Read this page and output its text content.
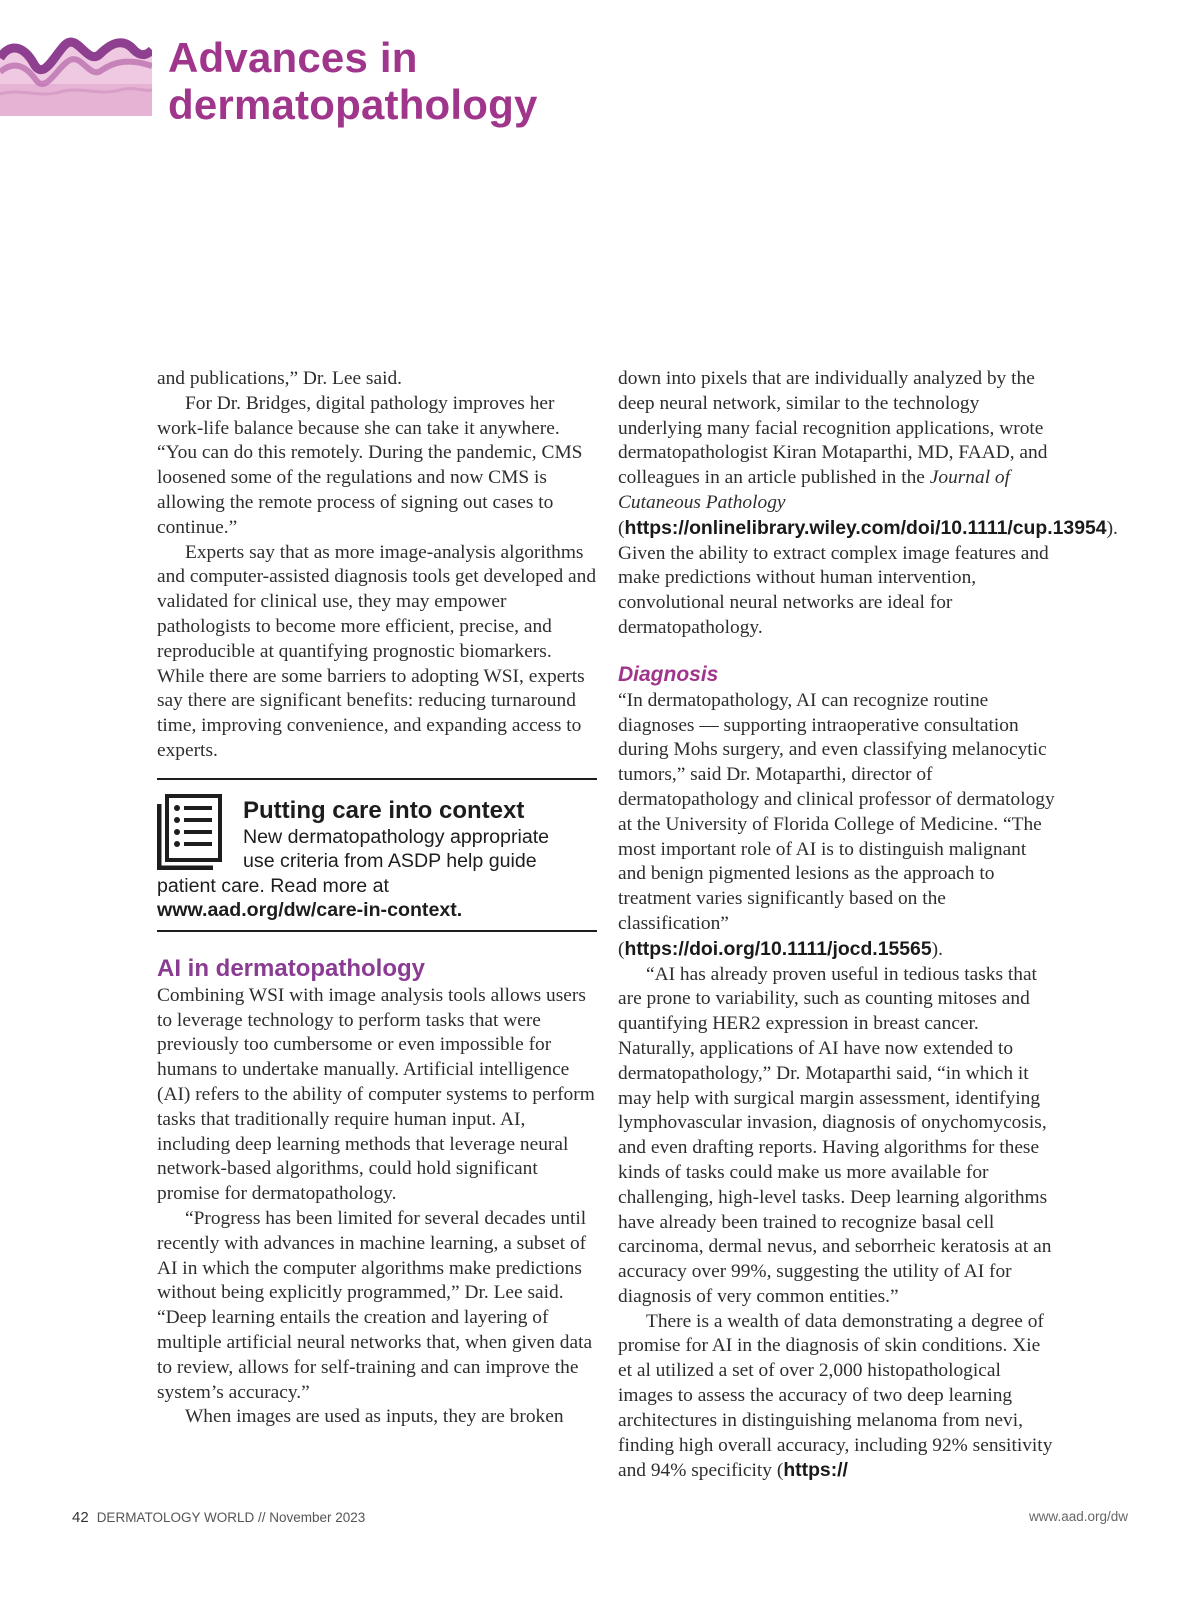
Advances in
dermatopathology

and publications,” Dr. Lee said.

For Dr. Bridges, digital pathology improves her work-life balance because she can take it anywhere. “You can do this remotely. During the pandemic, CMS loosened some of the regulations and now CMS is allowing the remote process of signing out cases to continue.”

Experts say that as more image-analysis algorithms and computer-assisted diagnosis tools get developed and validated for clinical use, they may empower pathologists to become more efficient, precise, and reproducible at quantifying prognostic biomarkers. While there are some barriers to adopting WSI, experts say there are significant benefits: reducing turnaround time, improving convenience, and expanding access to experts.

Putting care into context
New dermatopathology appropriate
use criteria from ASDP help guide
patient care. Read more at www.aad.org/dw/care-in-context.
AI in dermatopathology

Combining WSI with image analysis tools allows users to leverage technology to perform tasks that were previously too cumbersome or even impossible for humans to undertake manually. Artificial intelligence (AI) refers to the ability of computer systems to perform tasks that traditionally require human input. AI, including deep learning methods that leverage neural network-based algorithms, could hold significant promise for dermatopathology.

“Progress has been limited for several decades until recently with advances in machine learning, a subset of AI in which the computer algorithms make predictions without being explicitly programmed,” Dr. Lee said. “Deep learning entails the creation and layering of multiple artificial neural networks that, when given data to review, allows for self-training and can improve the system’s accuracy.”

When images are used as inputs, they are broken

down into pixels that are individually analyzed by the deep neural network, similar to the technology underlying many facial recognition applications, wrote dermatopathologist Kiran Motaparthi, MD, FAAD, and colleagues in an article published in the Journal of Cutaneous Pathology (https://onlinelibrary.wiley.com/doi/10.1111/cup.13954). Given the ability to extract complex image features and make predictions without human intervention, convolutional neural networks are ideal for dermatopathology.

Diagnosis

“In dermatopathology, AI can recognize routine diagnoses — supporting intraoperative consultation during Mohs surgery, and even classifying melanocytic tumors,” said Dr. Motaparthi, director of dermatopathology and clinical professor of dermatology at the University of Florida College of Medicine. “The most important role of AI is to distinguish malignant and benign pigmented lesions as the approach to treatment varies significantly based on the classification” (https://doi.org/10.1111/jocd.15565).

“AI has already proven useful in tedious tasks that are prone to variability, such as counting mitoses and quantifying HER2 expression in breast cancer. Naturally, applications of AI have now extended to dermatopathology,” Dr. Motaparthi said, “in which it may help with surgical margin assessment, identifying lymphovascular invasion, diagnosis of onychomycosis, and even drafting reports. Having algorithms for these kinds of tasks could make us more available for challenging, high-level tasks. Deep learning algorithms have already been trained to recognize basal cell carcinoma, dermal nevus, and seborrheic keratosis at an accuracy over 99%, suggesting the utility of AI for diagnosis of very common entities.”

There is a wealth of data demonstrating a degree of promise for AI in the diagnosis of skin conditions. Xie et al utilized a set of over 2,000 histopathological images to assess the accuracy of two deep learning architectures in distinguishing melanoma from nevi, finding high overall accuracy, including 92% sensitivity and 94% specificity (https://

42 DERMATOLOGY WORLD // November 2023	www.aad.org/dw
